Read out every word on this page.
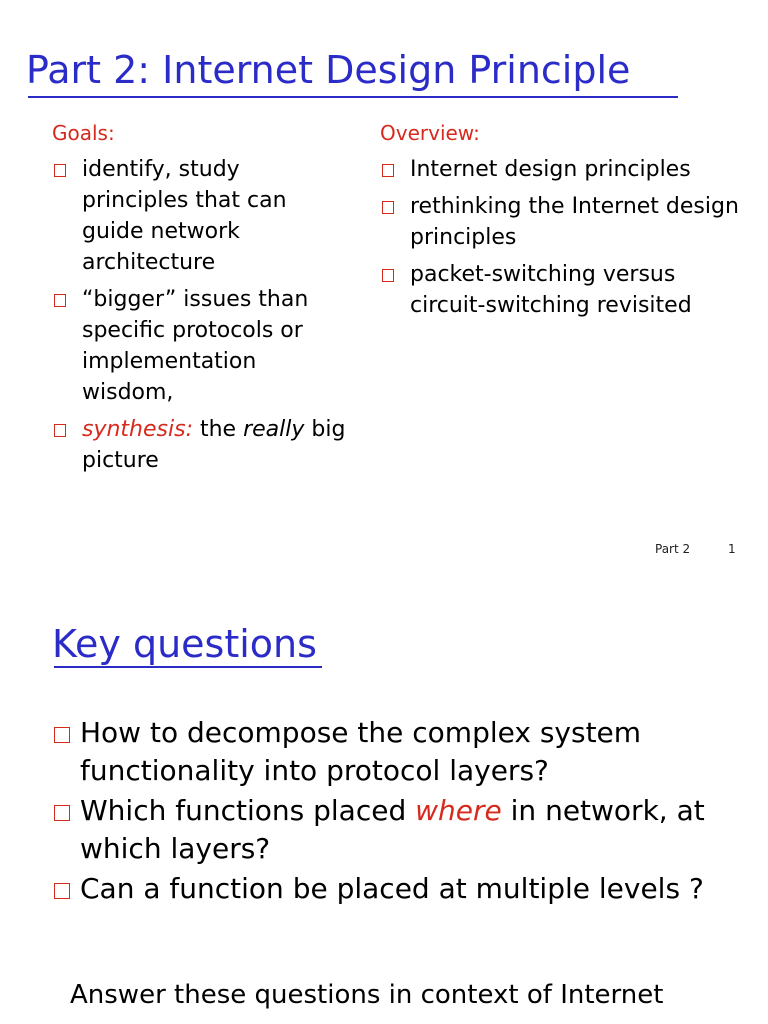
Part 2: Internet Design Principle
Goals:
identify, study principles that can guide network architecture
“bigger” issues than specific protocols or implementation wisdom,
synthesis: the really big picture
Overview:
Internet design principles
rethinking the Internet design principles
packet-switching versus circuit-switching revisited
Part 2	1
Key questions
How to decompose the complex system functionality into protocol layers?
Which functions placed where in network, at which layers?
Can a function be placed at multiple levels ?
Answer these questions in context of Internet
